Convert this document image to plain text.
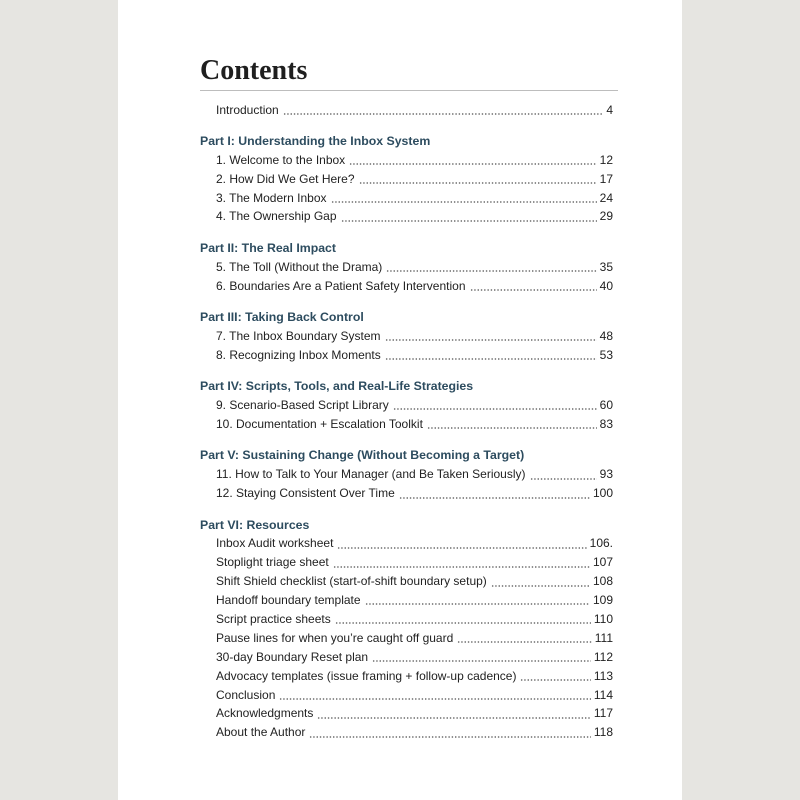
Contents
Introduction	4
Part I: Understanding the Inbox System
1. Welcome to the Inbox	12
2. How Did We Get Here?	17
3. The Modern Inbox	24
4. The Ownership Gap	29
Part II: The Real Impact
5. The Toll (Without the Drama)	35
6. Boundaries Are a Patient Safety Intervention	40
Part III: Taking Back Control
7. The Inbox Boundary System	48
8. Recognizing Inbox Moments	53
Part IV: Scripts, Tools, and Real-Life Strategies
9. Scenario-Based Script Library	60
10. Documentation + Escalation Toolkit	83
Part V: Sustaining Change (Without Becoming a Target)
11. How to Talk to Your Manager (and Be Taken Seriously)	93
12. Staying Consistent Over Time	100
Part VI: Resources
Inbox Audit worksheet	106.
Stoplight triage sheet	107
Shift Shield checklist (start-of-shift boundary setup)	108
Handoff boundary template	109
Script practice sheets	110
Pause lines for when you’re caught off guard	111
30-day Boundary Reset plan	112
Advocacy templates (issue framing + follow-up cadence)	113
Conclusion	114
Acknowledgments	117
About the Author	118
